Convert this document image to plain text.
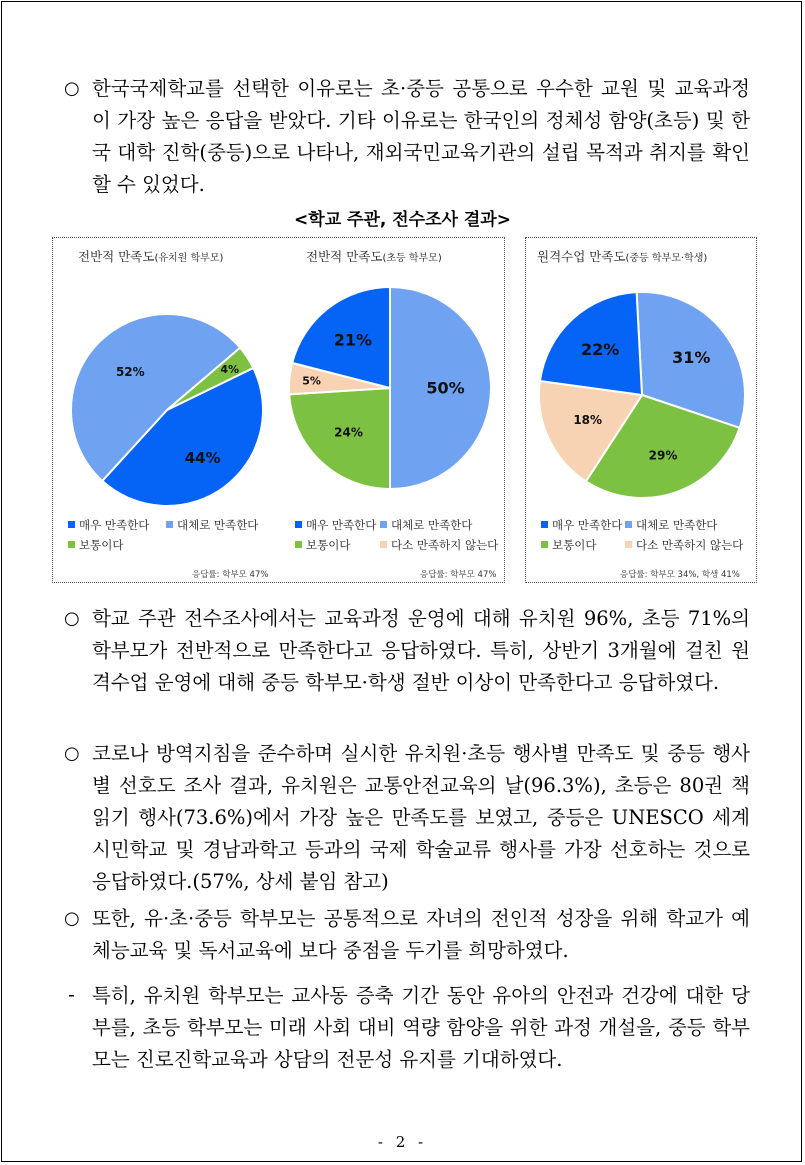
○ 한국국제학교를 선택한 이유로는 초·중등 공통으로 우수한 교원 및 교육과정이 가장 높은 응답을 받았다. 기타 이유로는 한국인의 정체성 함양(초등) 및 한국 대학 진학(중등)으로 나타나, 재외국민교육기관의 설립 목적과 취지를 확인할 수 있었다.
<학교 주관, 전수조사 결과>
전반적 만족도(유치원 학부모)	전반적 만족도(초등 학부모)	원격수업 만족도(중등 학부모·학생)
44%
52%	4%
50%
24%
5%
21%
31%
29%
18%
22%
매우 만족한다	대체로 만족한다
보통이다
매우 만족한다	대체로 만족한다
보통이다	다소 만족하지 않는다
매우 만족한다	대체로 만족한다
보통이다	다소 만족하지 않는다
응답률: 학부모 47%	응답률: 학부모 47%	응답률: 학부모 34%, 학생 41%
○ 학교 주관 전수조사에서는 교육과정 운영에 대해 유치원 96%, 초등 71%의 학부모가 전반적으로 만족한다고 응답하였다. 특히, 상반기 3개월에 걸친 원격수업 운영에 대해 중등 학부모·학생 절반 이상이 만족한다고 응답하였다.
○ 코로나 방역지침을 준수하며 실시한 유치원·초등 행사별 만족도 및 중등 행사별 선호도 조사 결과, 유치원은 교통안전교육의 날(96.3%), 초등은 80권 책 읽기 행사(73.6%)에서 가장 높은 만족도를 보였고, 중등은 UNESCO 세계시민학교 및 경남과학고 등과의 국제 학술교류 행사를 가장 선호하는 것으로 응답하였다.(57%, 상세 붙임 참고)
○ 또한, 유·초·중등 학부모는 공통적으로 자녀의 전인적 성장을 위해 학교가 예체능교육 및 독서교육에 보다 중점을 두기를 희망하였다.
- 특히, 유치원 학부모는 교사동 증축 기간 동안 유아의 안전과 건강에 대한 당부를, 초등 학부모는 미래 사회 대비 역량 함양을 위한 과정 개설을, 중등 학부모는 진로진학교육과 상담의 전문성 유지를 기대하였다.
- 2 -
